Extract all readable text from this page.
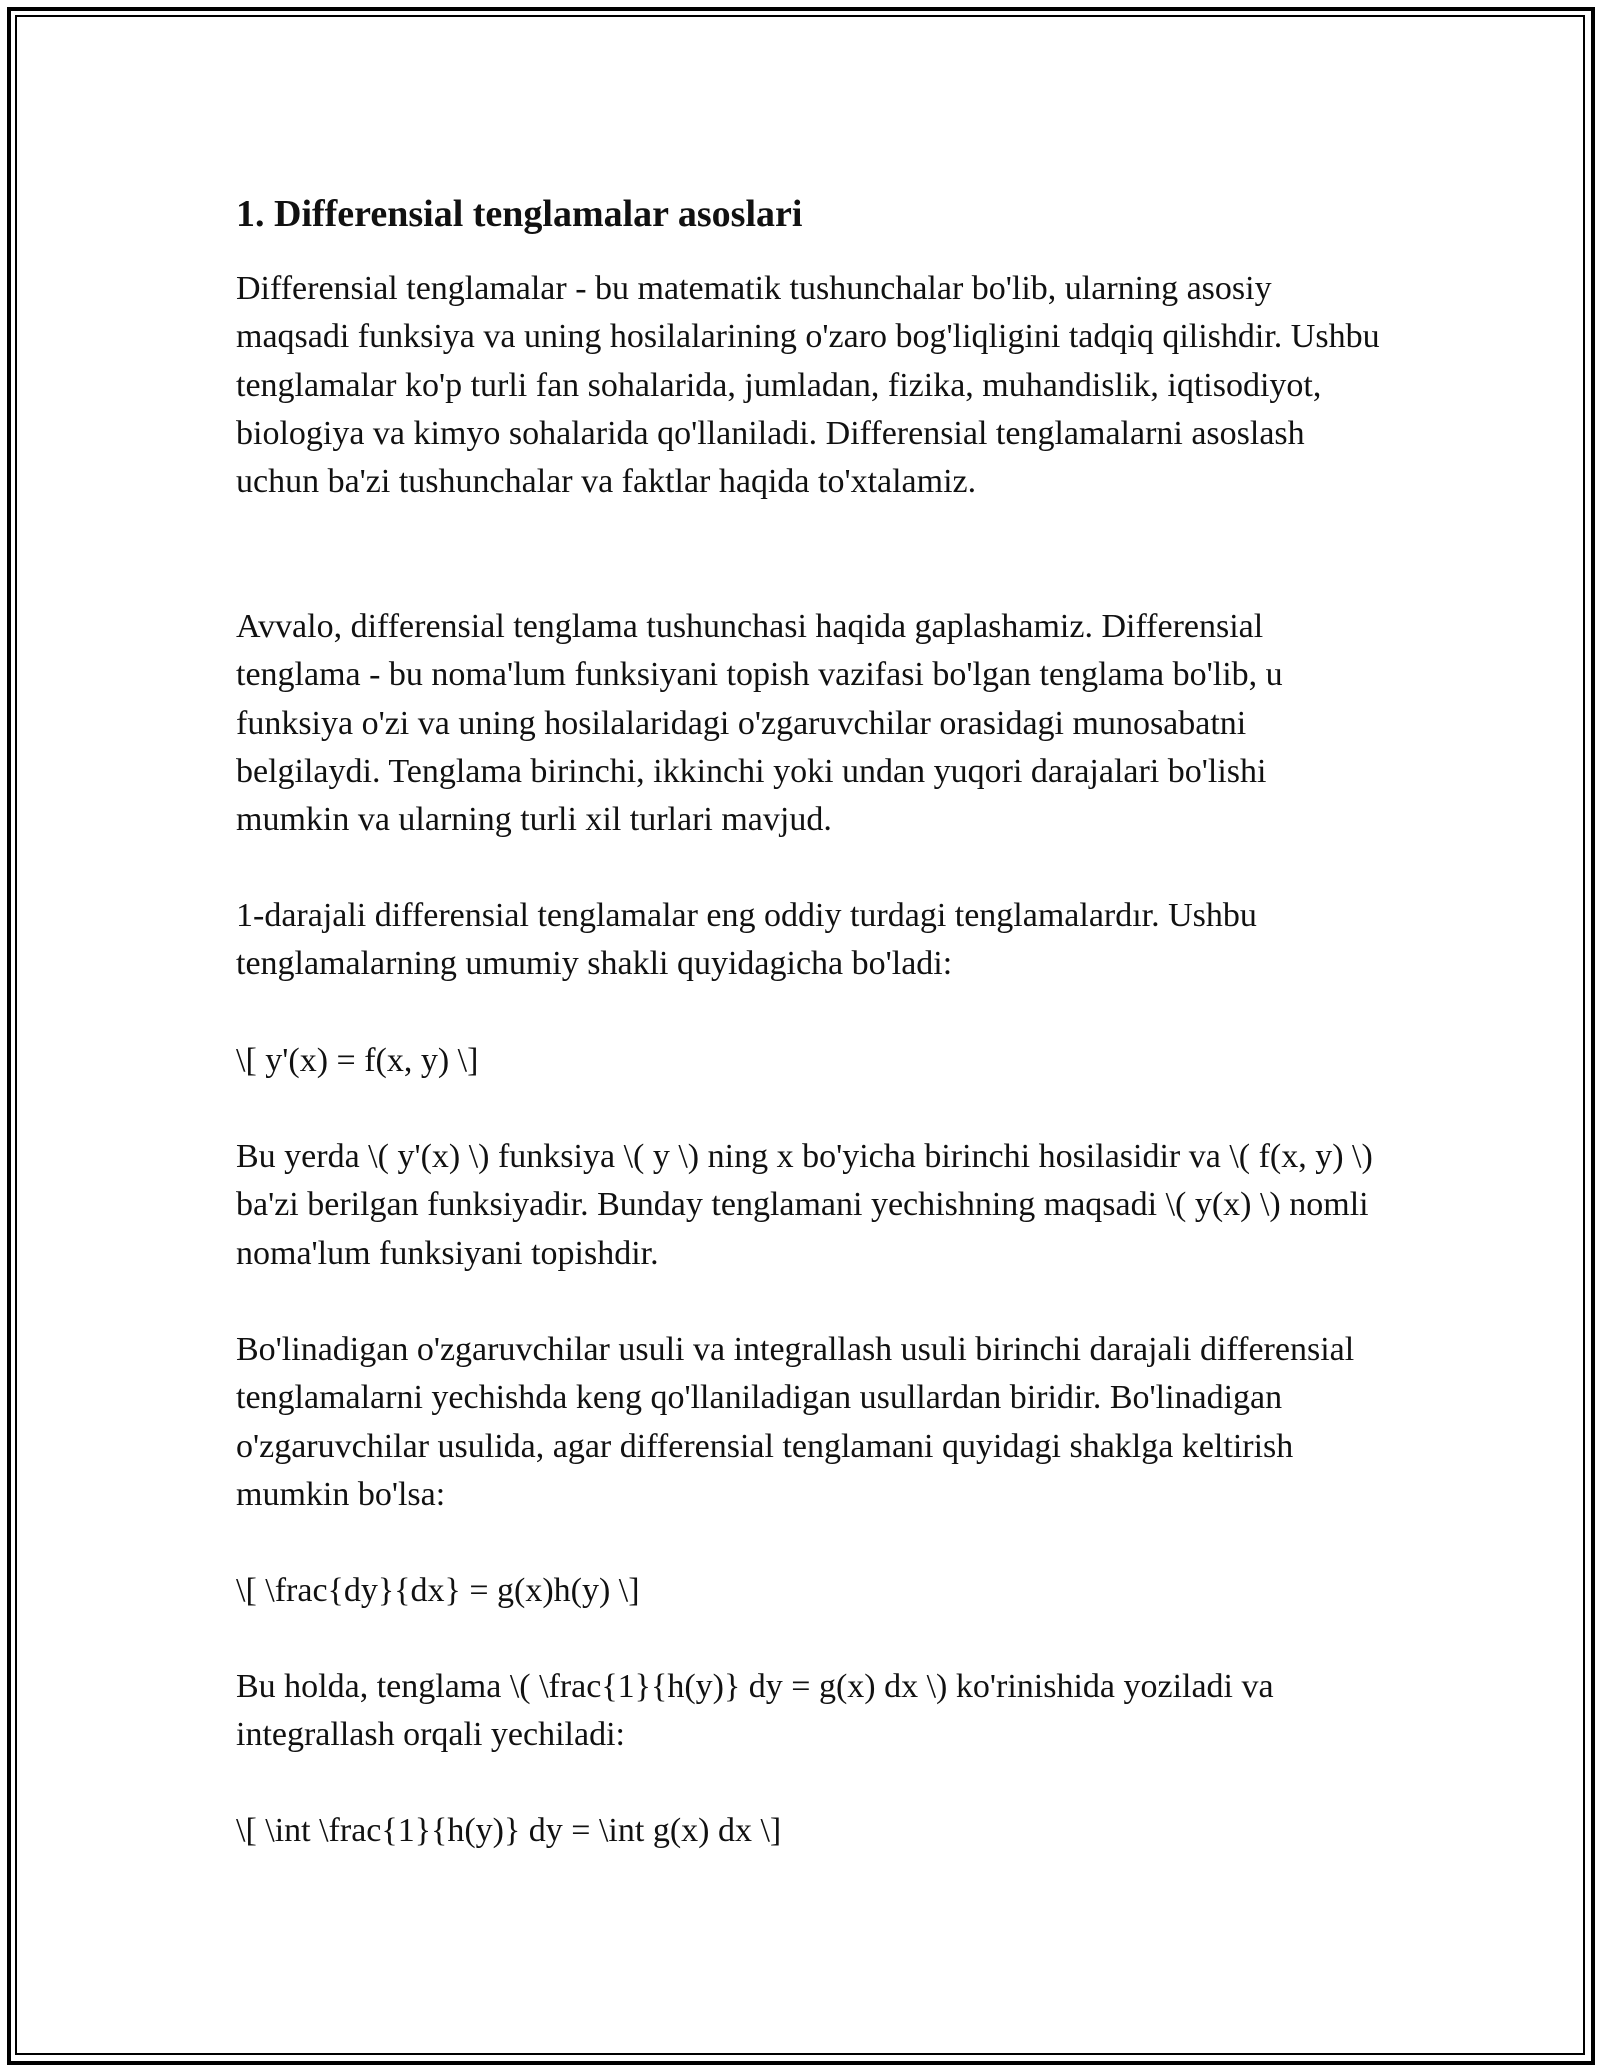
1. Differensial tenglamalar asoslari

Differensial tenglamalar - bu matematik tushunchalar bo'lib, ularning asosiy maqsadi funksiya va uning hosilalarining o'zaro bog'liqligini tadqiq qilishdir. Ushbu tenglamalar ko'p turli fan sohalarida, jumladan, fizika, muhandislik, iqtisodiyot, biologiya va kimyo sohalarida qo'llaniladi. Differensial tenglamalarni asoslash uchun ba'zi tushunchalar va faktlar haqida to'xtalamiz.

Avvalo, differensial tenglama tushunchasi haqida gaplashamiz. Differensial tenglama - bu noma'lum funksiyani topish vazifasi bo'lgan tenglama bo'lib, u funksiya o'zi va uning hosilalaridagi o'zgaruvchilar orasidagi munosabatni belgilaydi. Tenglama birinchi, ikkinchi yoki undan yuqori darajalari bo'lishi mumkin va ularning turli xil turlari mavjud.

1-darajali differensial tenglamalar eng oddiy turdagi tenglamalardır. Ushbu tenglamalarning umumiy shakli quyidagicha bo'ladi:

\[ y'(x) = f(x, y) \]

Bu yerda \( y'(x) \) funksiya \( y \) ning x bo'yicha birinchi hosilasidir va \( f(x, y) \) ba'zi berilgan funksiyadir. Bunday tenglamani yechishning maqsadi \( y(x) \) nomli noma'lum funksiyani topishdir.

Bo'linadigan o'zgaruvchilar usuli va integrallash usuli birinchi darajali differensial tenglamalarni yechishda keng qo'llaniladigan usullardan biridir. Bo'linadigan o'zgaruvchilar usulida, agar differensial tenglamani quyidagi shaklga keltirish mumkin bo'lsa:

\[ \frac{dy}{dx} = g(x)h(y) \]

Bu holda, tenglama \( \frac{1}{h(y)} dy = g(x) dx \) ko'rinishida yoziladi va integrallash orqali yechiladi:

\[ \int \frac{1}{h(y)} dy = \int g(x) dx \]
